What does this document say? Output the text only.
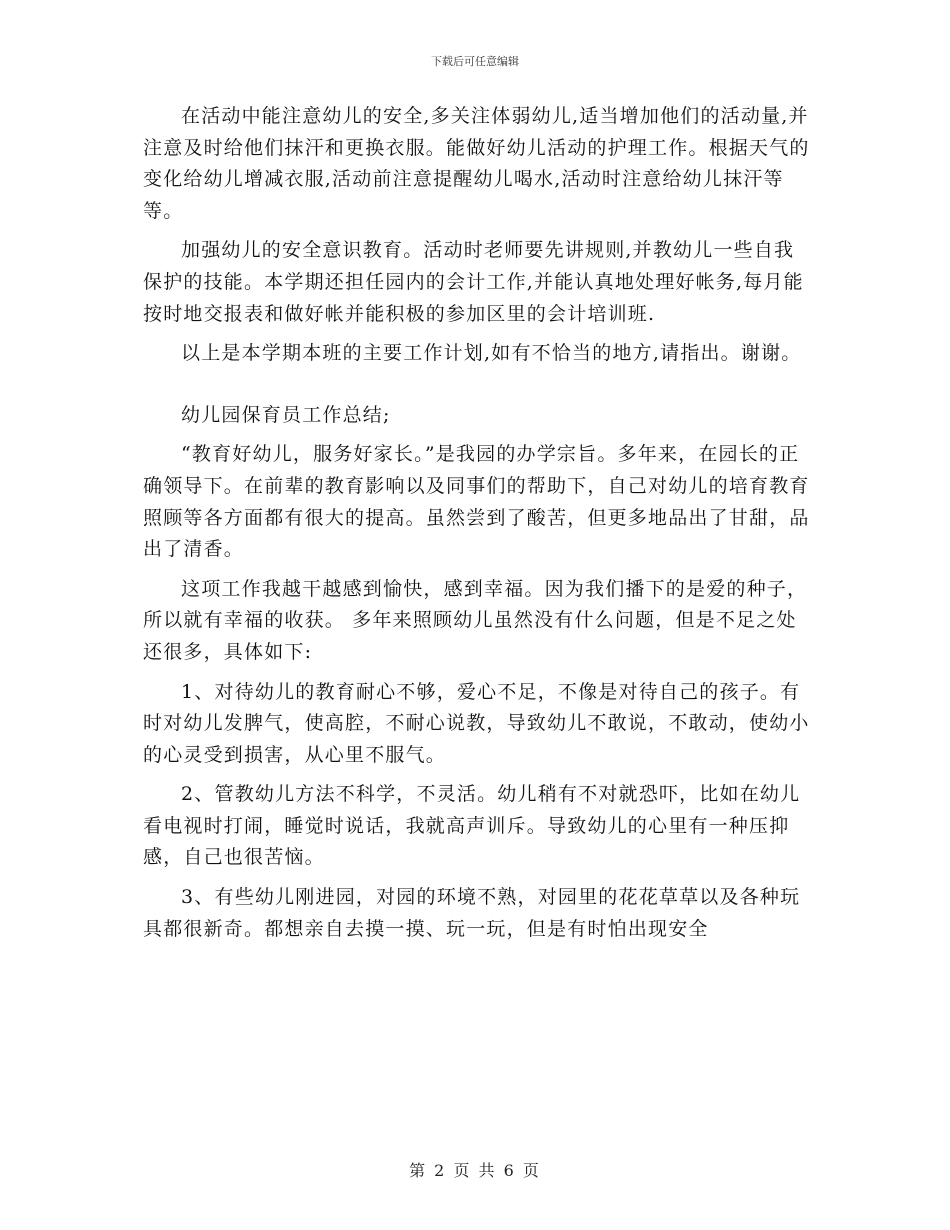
下载后可任意编辑

在活动中能注意幼儿的安全,多关注体弱幼儿,适当增加他们的活动量,并注意及时给他们抹汗和更换衣服。能做好幼儿活动的护理工作。根据天气的变化给幼儿增减衣服,活动前注意提醒幼儿喝水,活动时注意给幼儿抹汗等等。

加强幼儿的安全意识教育。活动时老师要先讲规则,并教幼儿一些自我保护的技能。本学期还担任园内的会计工作,并能认真地处理好帐务,每月能按时地交报表和做好帐并能积极的参加区里的会计培训班.

以上是本学期本班的主要工作计划,如有不恰当的地方,请指出。谢谢。

幼儿园保育员工作总结;

“教育好幼儿，服务好家长。”是我园的办学宗旨。多年来，在园长的正确领导下。在前辈的教育影响以及同事们的帮助下，自己对幼儿的培育教育照顾等各方面都有很大的提高。虽然尝到了酸苦，但更多地品出了甘甜，品出了清香。

这项工作我越干越感到愉快，感到幸福。因为我们播下的是爱的种子，所以就有幸福的收获。 多年来照顾幼儿虽然没有什么问题，但是不足之处还很多，具体如下:

1、对待幼儿的教育耐心不够，爱心不足，不像是对待自己的孩子。有时对幼儿发脾气，使高腔，不耐心说教，导致幼儿不敢说，不敢动，使幼小的心灵受到损害，从心里不服气。

2、管教幼儿方法不科学，不灵活。幼儿稍有不对就恐吓，比如在幼儿看电视时打闹，睡觉时说话，我就高声训斥。导致幼儿的心里有一种压抑感，自己也很苦恼。

3、有些幼儿刚进园，对园的环境不熟，对园里的花花草草以及各种玩具都很新奇。都想亲自去摸一摸、玩一玩，但是有时怕出现安全

第 2 页 共 6 页
